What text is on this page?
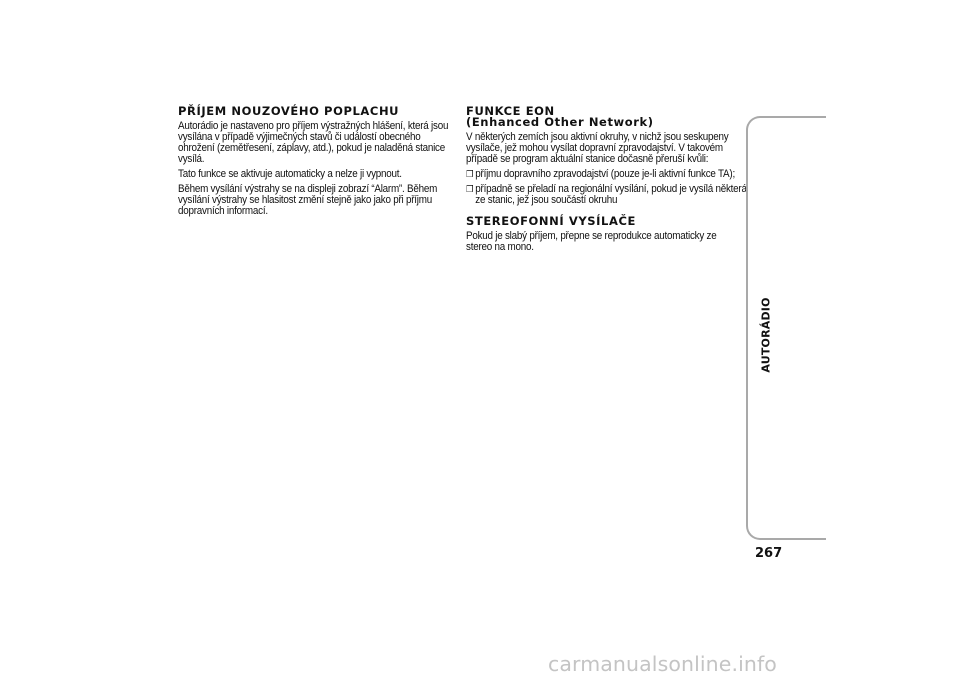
PŘÍJEM NOUZOVÉHO POPLACHU

Autorádio je nastaveno pro příjem výstražných hlášení, která jsou vysílána v případě výjimečných stavů či událostí obecného ohrožení (zemětřesení, záplavy, atd.), pokud je naladěná stanice vysílá.

Tato funkce se aktivuje automaticky a nelze ji vypnout.

Během vysílání výstrahy se na displeji zobrazí “Alarm”. Během vysílání výstrahy se hlasitost změní stejně jako jako při příjmu dopravních informací.

FUNKCE EON
(Enhanced Other Network)

V některých zemích jsou aktivní okruhy, v nichž jsou seskupeny vysílače, jež mohou vysílat dopravní zpravodajství. V takovém případě se program aktuální stanice dočasně přeruší kvůli:

❒ příjmu dopravního zpravodajství (pouze je-li aktivní funkce TA);
❒ případně se přeladí na regionální vysílání, pokud je vysílá některá ze stanic, jež jsou součástí okruhu
STEREOFONNÍ VYSÍLAČE

Pokud je slabý příjem, přepne se reprodukce automaticky ze stereo na mono.

AUTORÁDIO
267
carmanualsonline.info
